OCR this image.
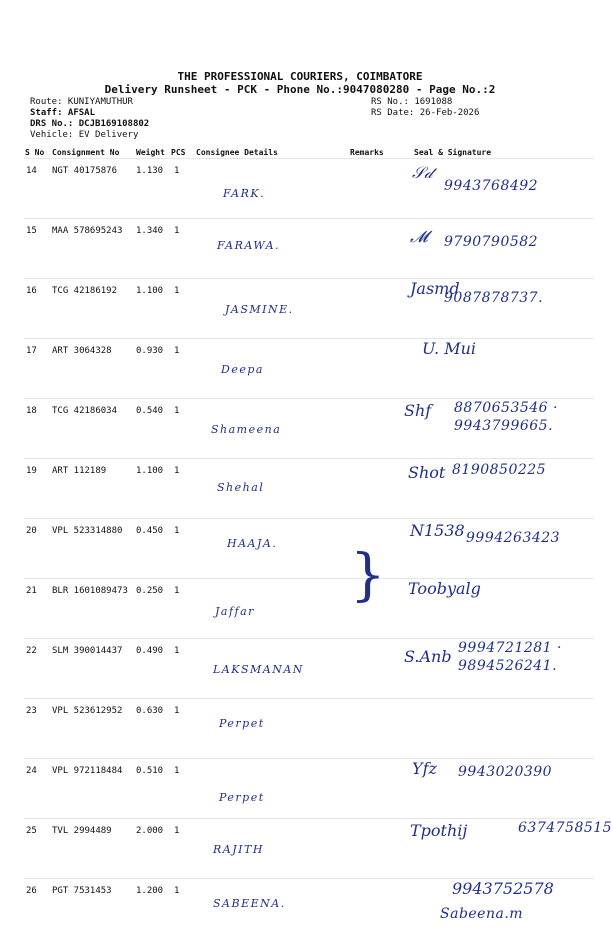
THE PROFESSIONAL COURIERS, COIMBATORE
Delivery Runsheet - PCK - Phone No.:9047080280 - Page No.:2
Route: KUNIYAMUTHUR
Staff: AFSAL
DRS No.: DCJB169108802
Vehicle: EV Delivery
RS No.: 1691088
RS Date: 26-Feb-2026
S No	Consignment No	Weight	PCS	Consignee Details	Remarks	Seal & Signature
14	NGT 40175876	1.130	1	FARK.		𝒮𝒹
9943768492

15	MAA 578695243	1.340	1	FARAWA.		𝓜 9790790582

16	TCG 42186192	1.100	1	JASMINE.		Jasmd
9087878737.

17	ART 3064328	0.930	1	Deepa		U. Mui

18	TCG 42186034	0.540	1	Shameena		Shf 8870653546 · 9943799665.

19	ART 112189	1.100	1	Shehal		Shot 8190850225

20	VPL 523314880	0.450	1	HAAJA.		N1538 9994263423

21	BLR 1601089473	0.250	1	Jaffar		Toobyalg

22	SLM 390014437	0.490	1	LAKSMANAN		S.Anb 9994721281 · 9894526241.

23	VPL 523612952	0.630	1	Perpet		

24	VPL 972118484	0.510	1	Perpet		Yfz 9943020390

25	TVL 2994489	2.000	1	RAJITH		Tpothij 6374758515

26	PGT 7531453	1.200	1	SABEENA.		9943752578
Sabeena.m
}
